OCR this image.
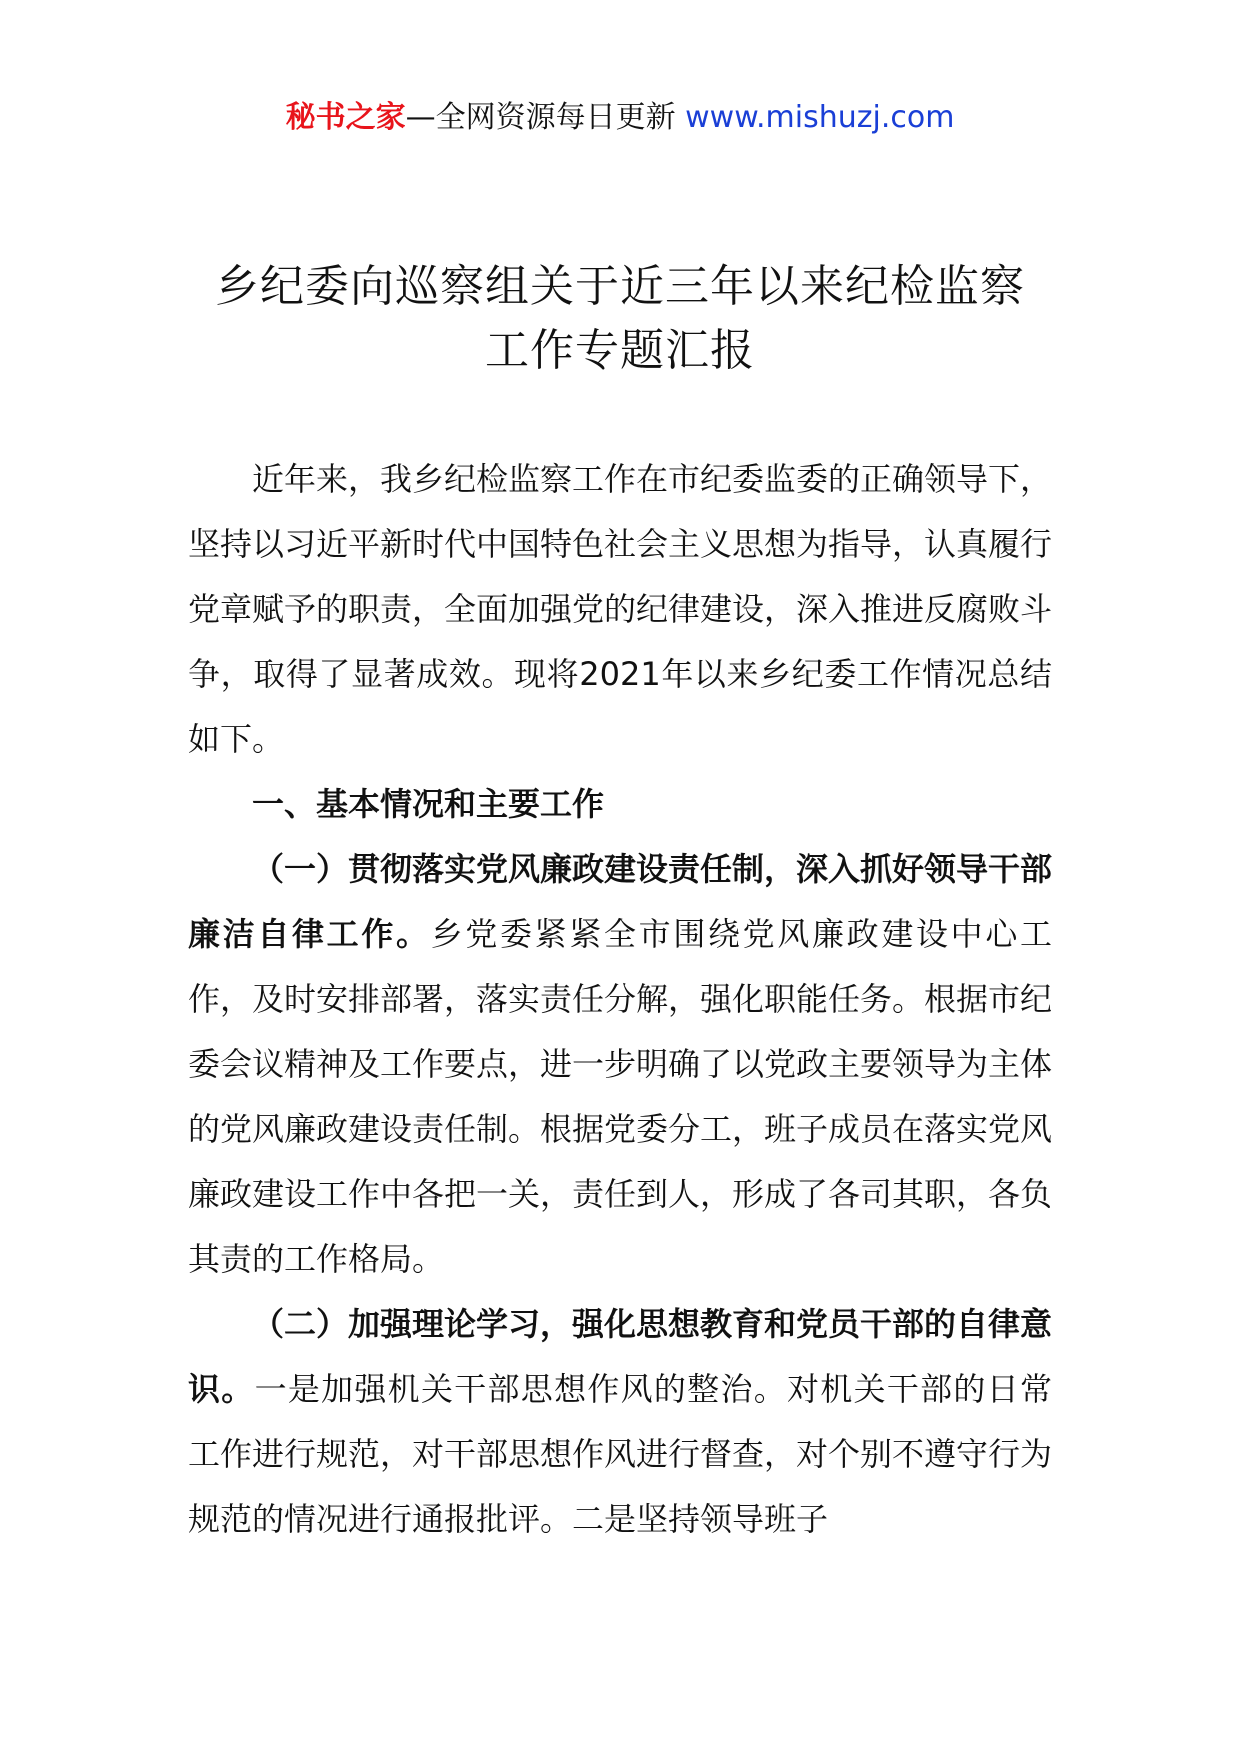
秘书之家—全网资源每日更新 www.mishuzj.com
乡纪委向巡察组关于近三年以来纪检监察
工作专题汇报

近年来，我乡纪检监察工作在市纪委监委的正确领导下，坚持以习近平新时代中国特色社会主义思想为指导，认真履行党章赋予的职责，全面加强党的纪律建设，深入推进反腐败斗争，取得了显著成效。现将2021年以来乡纪委工作情况总结如下。

一、基本情况和主要工作

（一）贯彻落实党风廉政建设责任制，深入抓好领导干部廉洁自律工作。乡党委紧紧全市围绕党风廉政建设中心工作，及时安排部署，落实责任分解，强化职能任务。根据市纪委会议精神及工作要点，进一步明确了以党政主要领导为主体的党风廉政建设责任制。根据党委分工，班子成员在落实党风廉政建设工作中各把一关，责任到人，形成了各司其职，各负其责的工作格局。

（二）加强理论学习，强化思想教育和党员干部的自律意识。一是加强机关干部思想作风的整治。对机关干部的日常工作进行规范，对干部思想作风进行督查，对个别不遵守行为规范的情况进行通报批评。二是坚持领导班子
